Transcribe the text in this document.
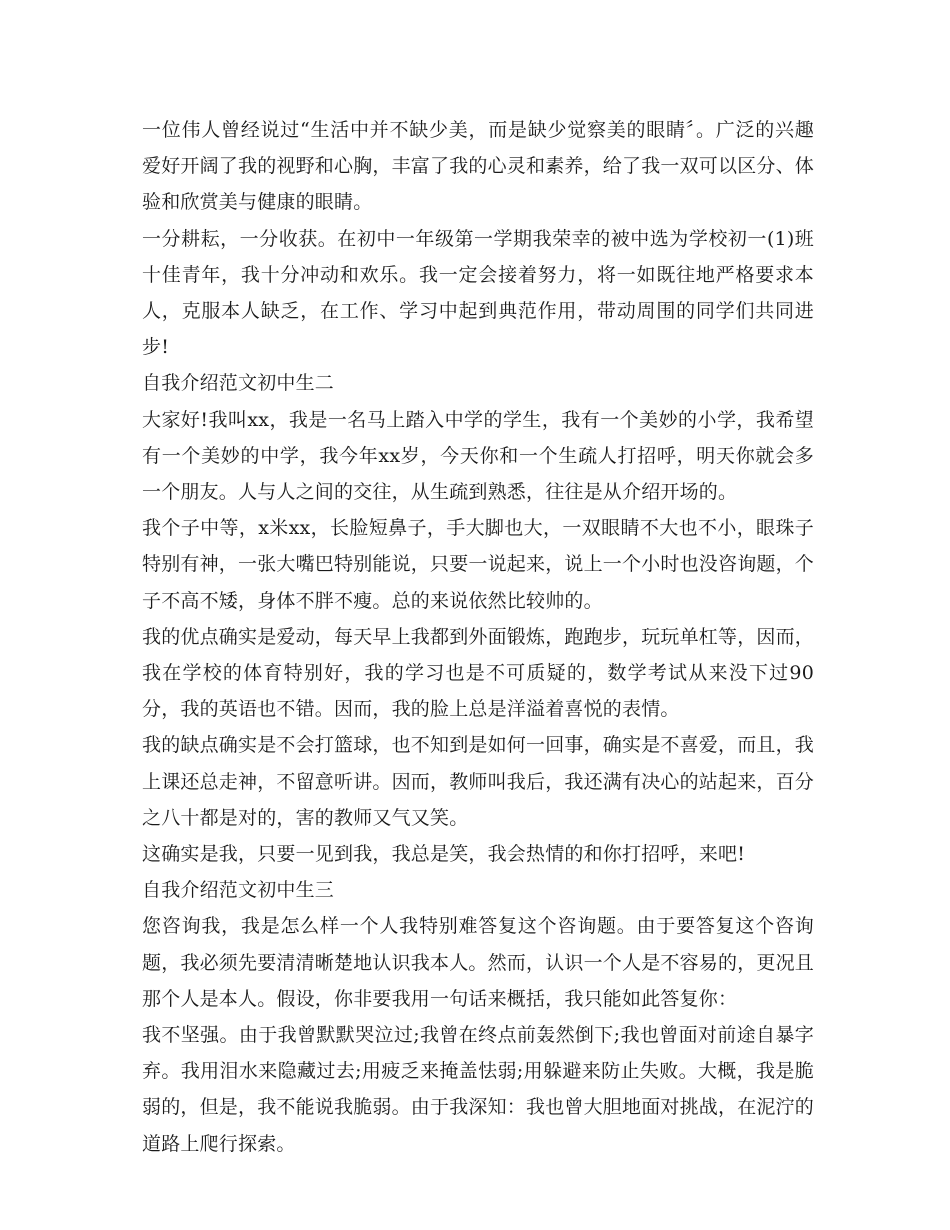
一位伟人曾经说过“生活中并不缺少美，而是缺少觉察美的眼睛〞。广泛的兴趣爱好开阔了我的视野和心胸，丰富了我的心灵和素养，给了我一双可以区分、体验和欣赏美与健康的眼睛。

一分耕耘，一分收获。在初中一年级第一学期我荣幸的被中选为学校初一(1)班十佳青年，我十分冲动和欢乐。我一定会接着努力，将一如既往地严格要求本人，克服本人缺乏，在工作、学习中起到典范作用，带动周围的同学们共同进步!

自我介绍范文初中生二

大家好!我叫xx，我是一名马上踏入中学的学生，我有一个美妙的小学，我希望有一个美妙的中学，我今年xx岁，今天你和一个生疏人打招呼，明天你就会多一个朋友。人与人之间的交往，从生疏到熟悉，往往是从介绍开场的。

我个子中等，x米xx，长脸短鼻子，手大脚也大，一双眼睛不大也不小，眼珠子特别有神，一张大嘴巴特别能说，只要一说起来，说上一个小时也没咨询题，个子不高不矮，身体不胖不瘦。总的来说依然比较帅的。

我的优点确实是爱动，每天早上我都到外面锻炼，跑跑步，玩玩单杠等，因而，我在学校的体育特别好，我的学习也是不可质疑的，数学考试从来没下过90分，我的英语也不错。因而，我的脸上总是洋溢着喜悦的表情。

我的缺点确实是不会打篮球，也不知到是如何一回事，确实是不喜爱，而且，我上课还总走神，不留意听讲。因而，教师叫我后，我还满有决心的站起来，百分之八十都是对的，害的教师又气又笑。

这确实是我，只要一见到我，我总是笑，我会热情的和你打招呼，来吧!

自我介绍范文初中生三

您咨询我，我是怎么样一个人我特别难答复这个咨询题。由于要答复这个咨询题，我必须先要清清晰楚地认识我本人。然而，认识一个人是不容易的，更况且那个人是本人。假设，你非要我用一句话来概括，我只能如此答复你：

我不坚强。由于我曾默默哭泣过;我曾在终点前轰然倒下;我也曾面对前途自暴字弃。我用泪水来隐藏过去;用疲乏来掩盖怯弱;用躲避来防止失败。大概，我是脆弱的，但是，我不能说我脆弱。由于我深知：我也曾大胆地面对挑战，在泥泞的道路上爬行探索。
